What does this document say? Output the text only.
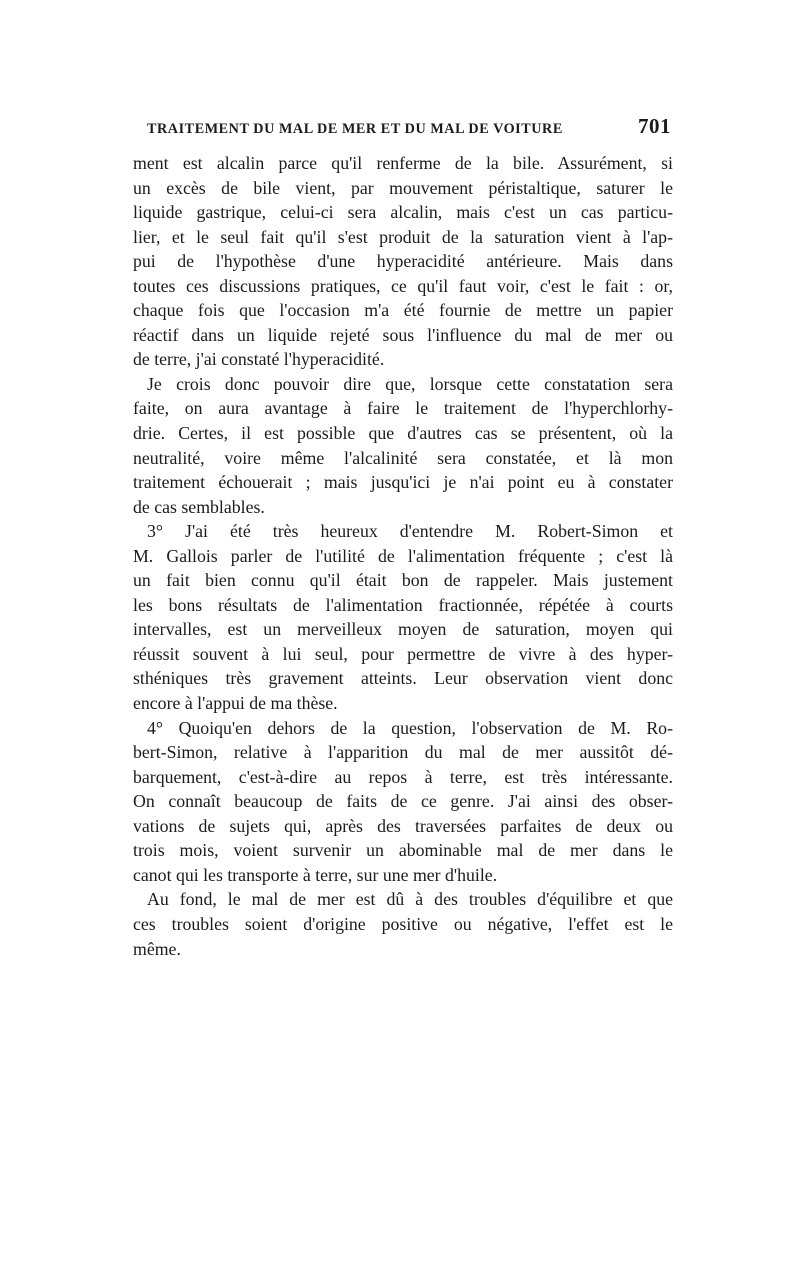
TRAITEMENT DU MAL DE MER ET DU MAL DE VOITURE	701
ment est alcalin parce qu'il renferme de la bile. Assurément, si
un excès de bile vient, par mouvement péristaltique, saturer le
liquide gastrique, celui-ci sera alcalin, mais c'est un cas particu-
lier, et le seul fait qu'il s'est produit de la saturation vient à l'ap-
pui de l'hypothèse d'une hyperacidité antérieure. Mais dans
toutes ces discussions pratiques, ce qu'il faut voir, c'est le fait : or,
chaque fois que l'occasion m'a été fournie de mettre un papier
réactif dans un liquide rejeté sous l'influence du mal de mer ou
de terre, j'ai constaté l'hyperacidité.
Je crois donc pouvoir dire que, lorsque cette constatation sera
faite, on aura avantage à faire le traitement de l'hyperchlorhy-
drie. Certes, il est possible que d'autres cas se présentent, où la
neutralité, voire même l'alcalinité sera constatée, et là mon
traitement échouerait ; mais jusqu'ici je n'ai point eu à constater
de cas semblables.
3° J'ai été très heureux d'entendre M. Robert-Simon et
M. Gallois parler de l'utilité de l'alimentation fréquente ; c'est là
un fait bien connu qu'il était bon de rappeler. Mais justement
les bons résultats de l'alimentation fractionnée, répétée à courts
intervalles, est un merveilleux moyen de saturation, moyen qui
réussit souvent à lui seul, pour permettre de vivre à des hyper-
sthéniques très gravement atteints. Leur observation vient donc
encore à l'appui de ma thèse.
4° Quoiqu'en dehors de la question, l'observation de M. Ro-
bert-Simon, relative à l'apparition du mal de mer aussitôt dé-
barquement, c'est-à-dire au repos à terre, est très intéressante.
On connaît beaucoup de faits de ce genre. J'ai ainsi des obser-
vations de sujets qui, après des traversées parfaites de deux ou
trois mois, voient survenir un abominable mal de mer dans le
canot qui les transporte à terre, sur une mer d'huile.
Au fond, le mal de mer est dû à des troubles d'équilibre et que
ces troubles soient d'origine positive ou négative, l'effet est le
même.
